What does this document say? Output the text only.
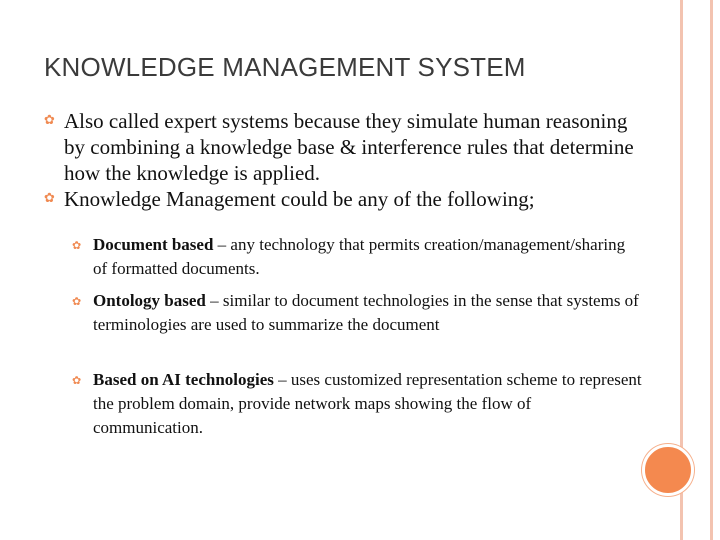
KNOWLEDGE MANAGEMENT SYSTEM
✿ Also called expert systems because they simulate human reasoning by combining a knowledge base & interference rules that determine how the knowledge is applied.
✿ Knowledge Management could be any of the following;
✿ Document based – any technology that permits creation/management/sharing of formatted documents.
✿ Ontology based – similar to document technologies in the sense that systems of terminologies are used to summarize the document
✿ Based on AI technologies – uses customized representation scheme to represent the problem domain, provide network maps showing the flow of communication.
